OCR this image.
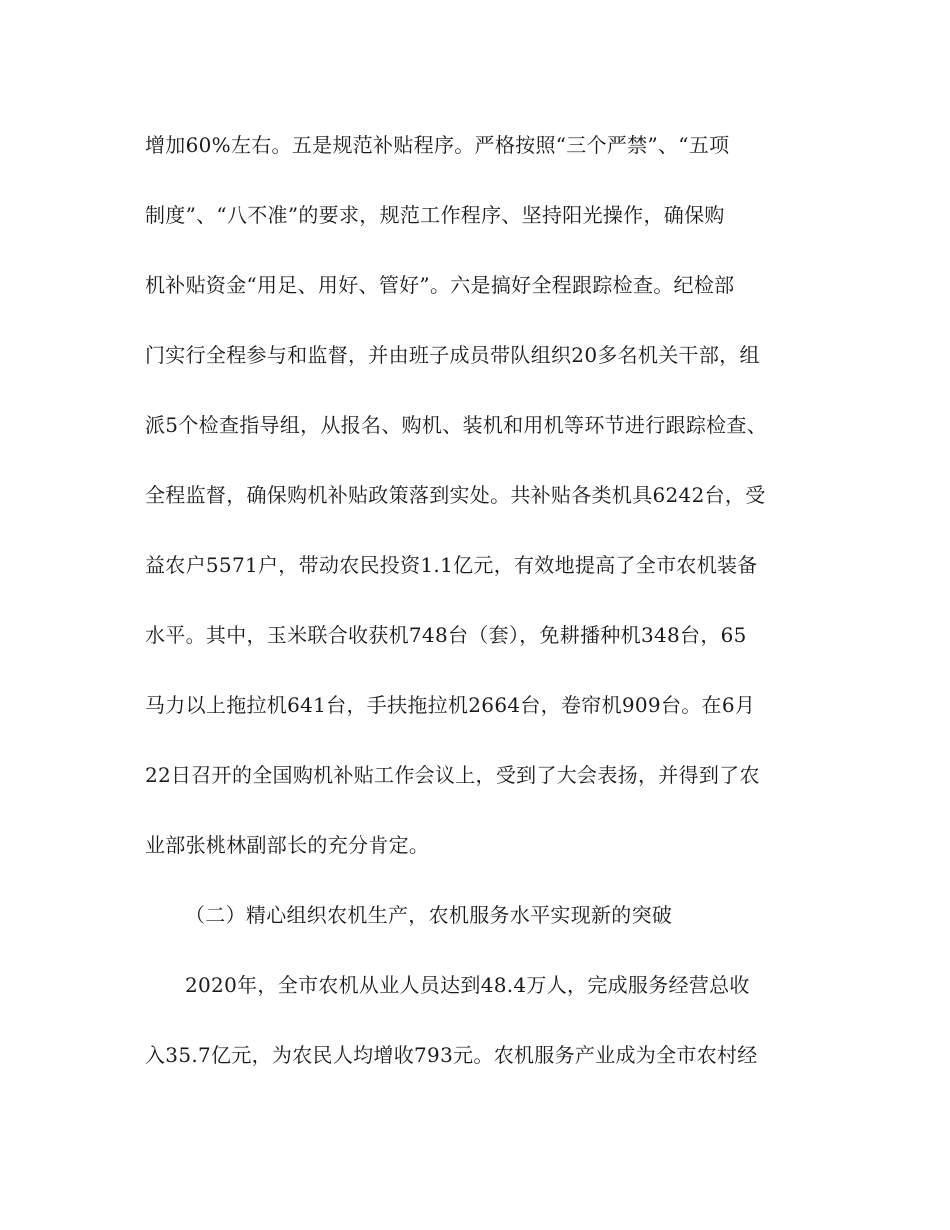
增加60%左右。五是规范补贴程序。严格按照“三个严禁”、“五项
制度”、“八不准”的要求，规范工作程序、坚持阳光操作，确保购
机补贴资金“用足、用好、管好”。六是搞好全程跟踪检查。纪检部
门实行全程参与和监督，并由班子成员带队组织20多名机关干部，组
派5个检查指导组，从报名、购机、装机和用机等环节进行跟踪检查、
全程监督，确保购机补贴政策落到实处。共补贴各类机具6242台，受
益农户5571户，带动农民投资1.1亿元，有效地提高了全市农机装备
水平。其中，玉米联合收获机748台（套），免耕播种机348台，65
马力以上拖拉机641台，手扶拖拉机2664台，卷帘机909台。在6月
22日召开的全国购机补贴工作会议上，受到了大会表扬，并得到了农
业部张桃林副部长的充分肯定。
（二）精心组织农机生产，农机服务水平实现新的突破
2020年，全市农机从业人员达到48.4万人，完成服务经营总收
入35.7亿元，为农民人均增收793元。农机服务产业成为全市农村经
